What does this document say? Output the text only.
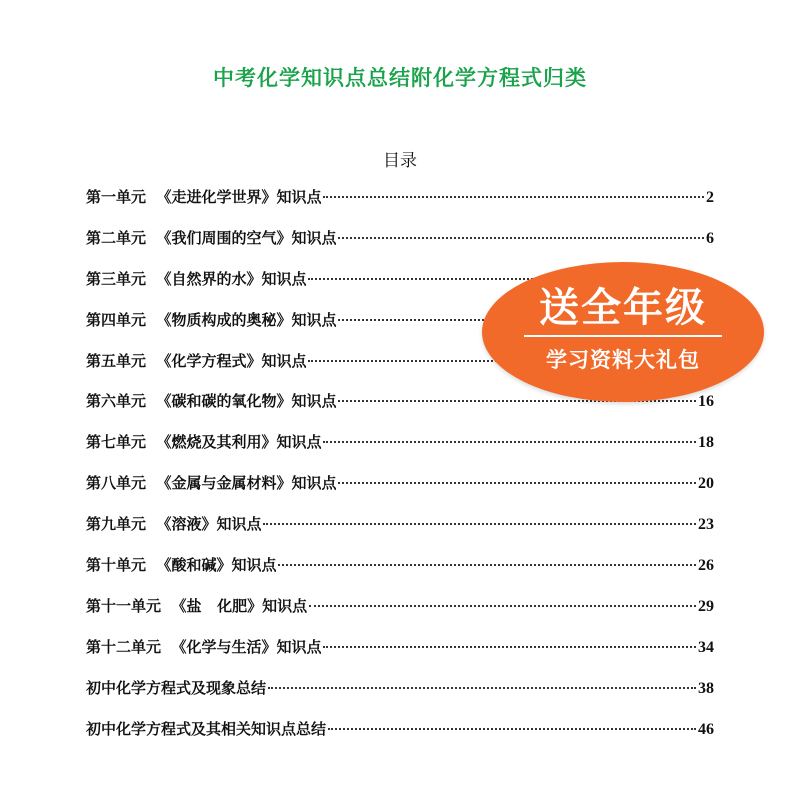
中考化学知识点总结附化学方程式归类
目录
第一单元  《走进化学世界》知识点	2
第二单元  《我们周围的空气》知识点	6
第三单元  《自然界的水》知识点
第四单元  《物质构成的奥秘》知识点
第五单元  《化学方程式》知识点
第六单元  《碳和碳的氧化物》知识点	16
第七单元  《燃烧及其利用》知识点	18
第八单元  《金属与金属材料》知识点	20
第九单元  《溶液》知识点	23
第十单元  《酸和碱》知识点	26
第十一单元  《盐   化肥》知识点	29
第十二单元  《化学与生活》知识点	34
初中化学方程式及现象总结	38
初中化学方程式及其相关知识点总结	46
送全年级
学习资料大礼包
